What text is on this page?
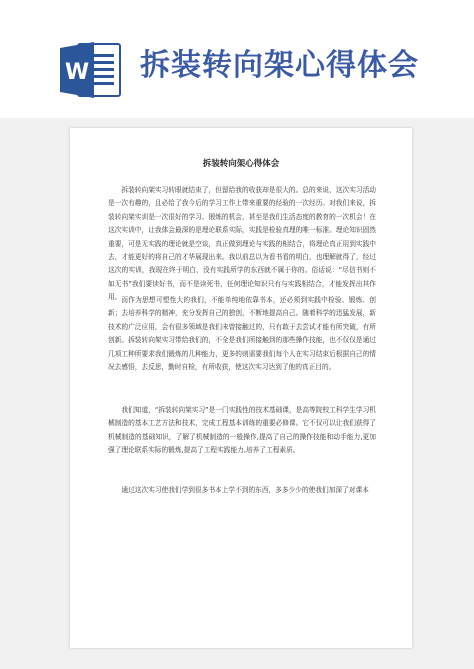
W 拆装转向架心得体会
拆装转向架心得体会

拆装转向架实习转眼就结束了，但留给我的收获却是很大的。总的来说，这次实习活动是一次有趣的，且必给了我今后的学习工作上带来重要的经验的一次经历。对我们来说，拆装转向架实训是一次很好的学习、锻炼的机会，甚至是我们生活态度的教育的一次机会！在这次实训中，让我体会最深的是理论联系实际，实践是检验真理的唯一标准。理论知识固然重要，可是无实践的理论就是空谈，真正做到理论与实践的相结合，将理论真正用到实践中去，才能更好的将自己的才华展现出来。我以前总以为看书看的明白，也理解就得了，经过这次的实训，我现在终于明白，没有实践所学的东西就不属于你的。俗话说：“尽信书则不如无书”我们要读好书，而不是读死书，任何理论知识只有与实践相结合，才能发挥出其作用。 而作为思想可塑性大的我们，不能单纯地依靠书本，还必须到实践中检验、锻炼、创新；去培养科学的精神，充分发挥自己的独创，不断地提高自己。随着科学的迅猛发展，新技术的广泛应用，会有很多领域是我们未曾接触过的，只有敢于去尝试才能有所突破，有所创新。拆装转向架实习带给我们的，不全是我们所接触到的那些操作技能，也不仅仅是通过几项工种所要求我们锻炼的几种能力，更多的则需要我们每个人在实习结束后根据自己的情况去感悟，去反思，勤时自检，有所收获，使这次实习达到了他的真正目的。

我们知道，“拆装转向架实习”是一门实践性的技术基础课，是高等院校工科学生学习机械制造的基本工艺方法和技术，完成工程基本训练的重要必修课。它不仅可以让我们获得了机械制造的基础知识，了解了机械制造的一般操作,提高了自己的操作技能和动手能力,更加强了理论联系实际的锻炼,提高了工程实践能力,培养了工程素质。

通过这次实习使我们学到很多书本上学不到的东西，多多少少的使我们加深了对课本
